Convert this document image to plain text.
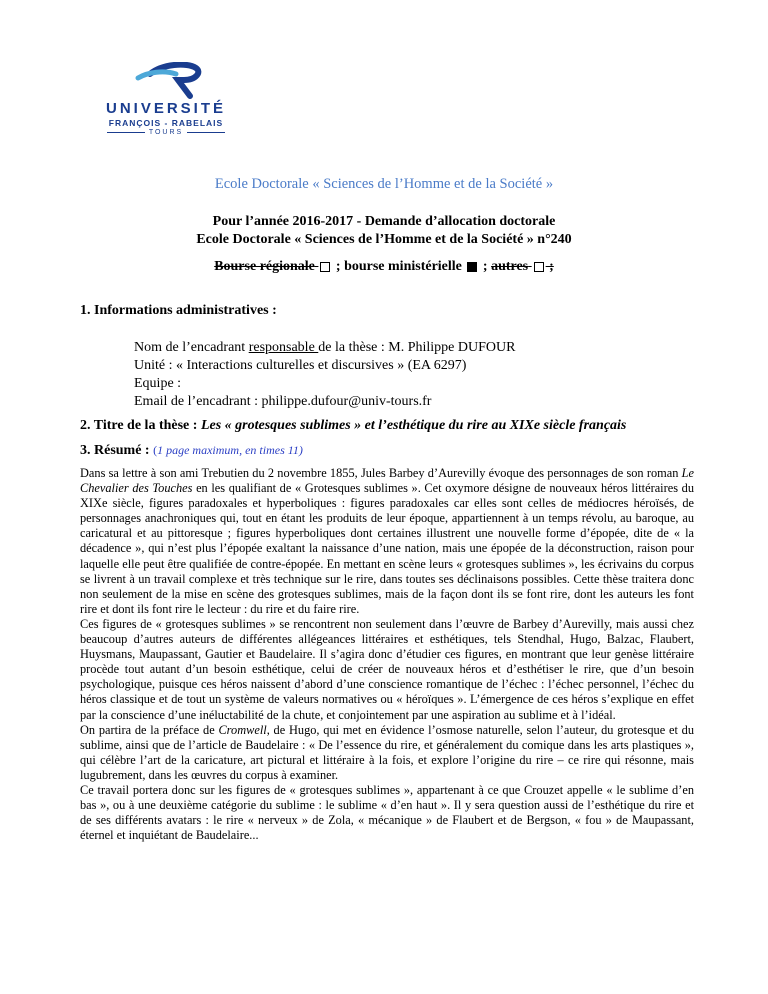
UNIVERSITÉ
FRANÇOIS - RABELAIS
TOURS
Ecole Doctorale « Sciences de l’Homme et de la Société »
Pour l’année 2016-2017 - Demande d’allocation doctorale
Ecole Doctorale « Sciences de l’Homme et de la Société » n°240
Bourse régionale  ; bourse ministérielle  ; autres  ;
1. Informations administratives :
Nom de l’encadrant responsable de la thèse : M. Philippe DUFOUR
Unité : « Interactions culturelles et discursives » (EA 6297)
Equipe :
Email de l’encadrant : philippe.dufour@univ-tours.fr
2. Titre de la thèse : Les « grotesques sublimes » et l’esthétique du rire au XIXe siècle français
3. Résumé : (1 page maximum, en times 11)

Dans sa lettre à son ami Trebutien du 2 novembre 1855, Jules Barbey d’Aurevilly évoque des personnages de son roman Le Chevalier des Touches en les qualifiant de « Grotesques sublimes ». Cet oxymore désigne de nouveaux héros littéraires du XIXe siècle, figures paradoxales et hyperboliques : figures paradoxales car elles sont celles de médiocres héroïsés, de personnages anachroniques qui, tout en étant les produits de leur époque, appartiennent à un temps révolu, au baroque, au caricatural et au pittoresque ; figures hyperboliques dont certaines illustrent une nouvelle forme d’épopée, dite de « la décadence », qui n’est plus l’épopée exaltant la naissance d’une nation, mais une épopée de la déconstruction, raison pour laquelle elle peut être qualifiée de contre-épopée. En mettant en scène leurs « grotesques sublimes », les écrivains du corpus se livrent à un travail complexe et très technique sur le rire, dans toutes ses déclinaisons possibles. Cette thèse traitera donc non seulement de la mise en scène des grotesques sublimes, mais de la façon dont ils se font rire, dont les auteurs les font rire et dont ils font rire le lecteur : du rire et du faire rire.

Ces figures de « grotesques sublimes » se rencontrent non seulement dans l’œuvre de Barbey d’Aurevilly, mais aussi chez beaucoup d’autres auteurs de différentes allégeances littéraires et esthétiques, tels Stendhal, Hugo, Balzac, Flaubert, Huysmans, Maupassant, Gautier et Baudelaire. Il s’agira donc d’étudier ces figures, en montrant que leur genèse littéraire procède tout autant d’un besoin esthétique, celui de créer de nouveaux héros et d’esthétiser le rire, que d’un besoin psychologique, puisque ces héros naissent d’abord d’une conscience romantique de l’échec : l’échec personnel, l’échec du héros classique et de tout un système de valeurs normatives ou « héroïques ». L’émergence de ces héros s’explique en effet par la conscience d’une inéluctabilité de la chute, et conjointement par une aspiration au sublime et à l’idéal.

On partira de la préface de Cromwell, de Hugo, qui met en évidence l’osmose naturelle, selon l’auteur, du grotesque et du sublime, ainsi que de l’article de Baudelaire : « De l’essence du rire, et généralement du comique dans les arts plastiques », qui célèbre l’art de la caricature, art pictural et littéraire à la fois, et explore l’origine du rire – ce rire qui résonne, mais lugubrement, dans les œuvres du corpus à examiner.

Ce travail portera donc sur les figures de « grotesques sublimes », appartenant à ce que Crouzet appelle « le sublime d’en bas », ou à une deuxième catégorie du sublime : le sublime « d’en haut ». Il y sera question aussi de l’esthétique du rire et de ses différents avatars : le rire « nerveux » de Zola, « mécanique » de Flaubert et de Bergson, « fou » de Maupassant, éternel et inquiétant de Baudelaire...
